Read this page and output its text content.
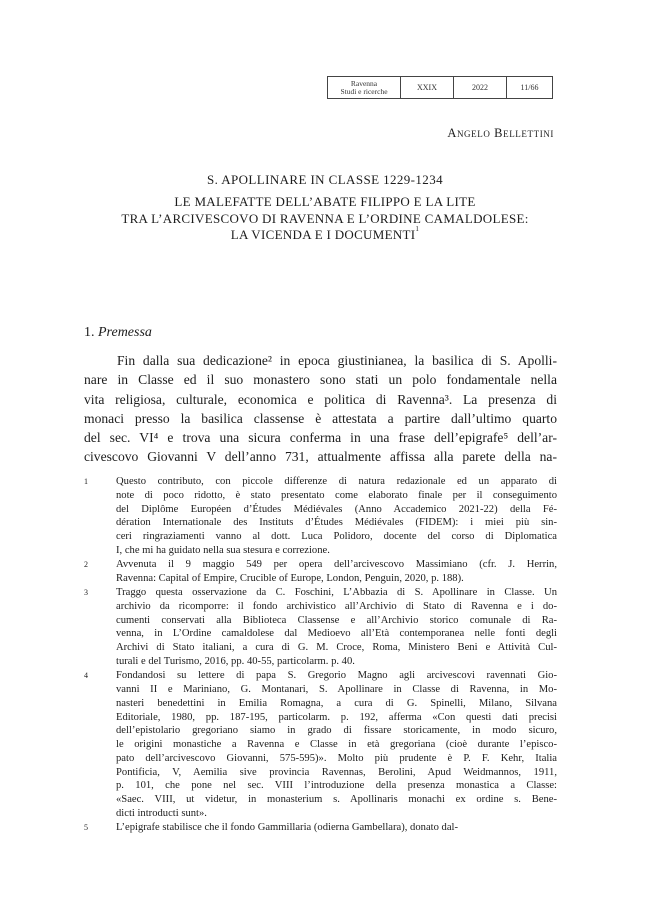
Ravenna
Studi e ricerche	XXIX	2022	11/66
Angelo Bellettini
S. APOLLINARE IN CLASSE 1229-1234
LE MALEFATTE DELL’ABATE FILIPPO E LA LITE
TRA L’ARCIVESCOVO DI RAVENNA E L’ORDINE CAMALDOLESE:
LA VICENDA E I DOCUMENTI$^1$
1. Premessa
Fin dalla sua dedicazione² in epoca giustinianea, la basilica di S. Apolli-
nare in Classe ed il suo monastero sono stati un polo fondamentale nella
vita religiosa, culturale, economica e politica di Ravenna³. La presenza di
monaci presso la basilica classense è attestata a partire dall’ultimo quarto
del sec. VI⁴ e trova una sicura conferma in una frase dell’epigrafe⁵ dell’ar-
civescovo Giovanni V dell’anno 731, attualmente affissa alla parete della na-
1	Questo contributo, con piccole differenze di natura redazionale ed un apparato di
note di poco ridotto, è stato presentato come elaborato finale per il conseguimento
del Diplôme Européen d’Études Médiévales (Anno Accademico 2021-22) della Fé-
dération Internationale des Instituts d’Études Médiévales (FIDEM): i miei più sin-
ceri ringraziamenti vanno al dott. Luca Polidoro, docente del corso di Diplomatica
I, che mi ha guidato nella sua stesura e correzione.
2	Avvenuta il 9 maggio 549 per opera dell’arcivescovo Massimiano (cfr. J. Herrin,
Ravenna: Capital of Empire, Crucible of Europe, London, Penguin, 2020, p. 188).
3	Traggo questa osservazione da C. Foschini, L’Abbazia di S. Apollinare in Classe. Un
archivio da ricomporre: il fondo archivistico all’Archivio di Stato di Ravenna e i do-
cumenti conservati alla Biblioteca Classense e all’Archivio storico comunale di Ra-
venna, in L’Ordine camaldolese dal Medioevo all’Età contemporanea nelle fonti degli
Archivi di Stato italiani, a cura di G. M. Croce, Roma, Ministero Beni e Attività Cul-
turali e del Turismo, 2016, pp. 40-55, particolarm. p. 40.
4	Fondandosi su lettere di papa S. Gregorio Magno agli arcivescovi ravennati Gio-
vanni II e Mariniano, G. Montanari, S. Apollinare in Classe di Ravenna, in Mo-
nasteri benedettini in Emilia Romagna, a cura di G. Spinelli, Milano, Silvana
Editoriale, 1980, pp. 187-195, particolarm. p. 192, afferma «Con questi dati precisi
dell’epistolario gregoriano siamo in grado di fissare storicamente, in modo sicuro,
le origini monastiche a Ravenna e Classe in età gregoriana (cioè durante l’episco-
pato dell’arcivescovo Giovanni, 575-595)». Molto più prudente è P. F. Kehr, Italia
Pontificia, V, Aemilia sive provincia Ravennas, Berolini, Apud Weidmannos, 1911,
p. 101, che pone nel sec. VIII l’introduzione della presenza monastica a Classe:
«Saec. VIII, ut videtur, in monasterium s. Apollinaris monachi ex ordine s. Bene-
dicti introducti sunt».
5	L’epigrafe stabilisce che il fondo Gammillaria (odierna Gambellara), donato dal-
